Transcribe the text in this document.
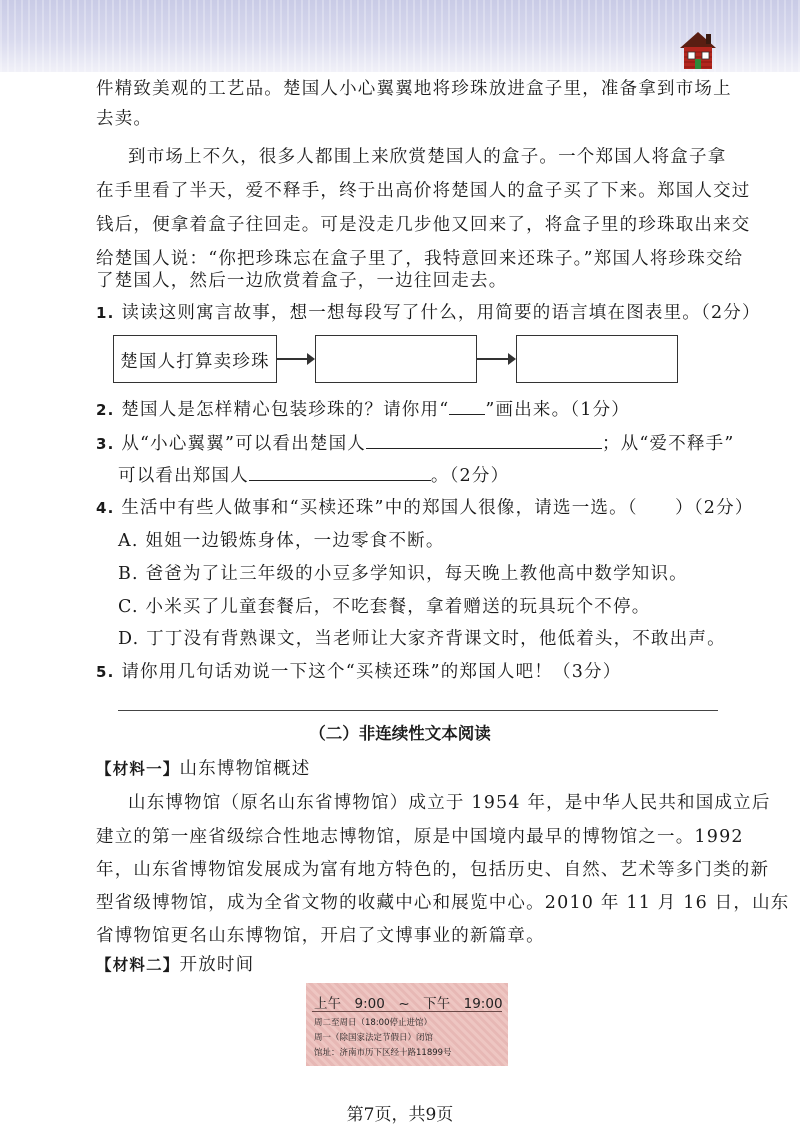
件精致美观的工艺品。楚国人小心翼翼地将珍珠放进盒子里，准备拿到市场上
去卖。
到市场上不久，很多人都围上来欣赏楚国人的盒子。一个郑国人将盒子拿
在手里看了半天，爱不释手，终于出高价将楚国人的盒子买了下来。郑国人交过
钱后，便拿着盒子往回走。可是没走几步他又回来了，将盒子里的珍珠取出来交
给楚国人说：“你把珍珠忘在盒子里了，我特意回来还珠子。”郑国人将珍珠交给
了楚国人，然后一边欣赏着盒子，一边往回走去。
1. 读读这则寓言故事，想一想每段写了什么，用简要的语言填在图表里。（2分）
楚国人打算卖珍珠
2. 楚国人是怎样精心包装珍珠的？请你用“ ”画出来。（1分）
3. 从“小心翼翼”可以看出楚国人	；从“爱不释手”
可以看出郑国人	。（2分）
4. 生活中有些人做事和“买椟还珠”中的郑国人很像，请选一选。（　　）（2分）
A. 姐姐一边锻炼身体，一边零食不断。
B. 爸爸为了让三年级的小豆多学知识，每天晚上教他高中数学知识。
C. 小米买了儿童套餐后，不吃套餐，拿着赠送的玩具玩个不停。
D. 丁丁没有背熟课文，当老师让大家齐背课文时，他低着头，不敢出声。
5. 请你用几句话劝说一下这个“买椟还珠”的郑国人吧！（3分）
（二）非连续性文本阅读
【材料一】山东博物馆概述
山东博物馆（原名山东省博物馆）成立于 1954 年，是中华人民共和国成立后
建立的第一座省级综合性地志博物馆，原是中国境内最早的博物馆之一。1992
年，山东省博物馆发展成为富有地方特色的，包括历史、自然、艺术等多门类的新
型省级博物馆，成为全省文物的收藏中心和展览中心。2010 年 11 月 16 日，山东
省博物馆更名山东博物馆，开启了文博事业的新篇章。
【材料二】开放时间
上午　9:00　~　下午　19:00
周二至周日（18:00停止进馆）
周一（除国家法定节假日）闭馆
馆址：济南市历下区经十路11899号
第7页，共9页
